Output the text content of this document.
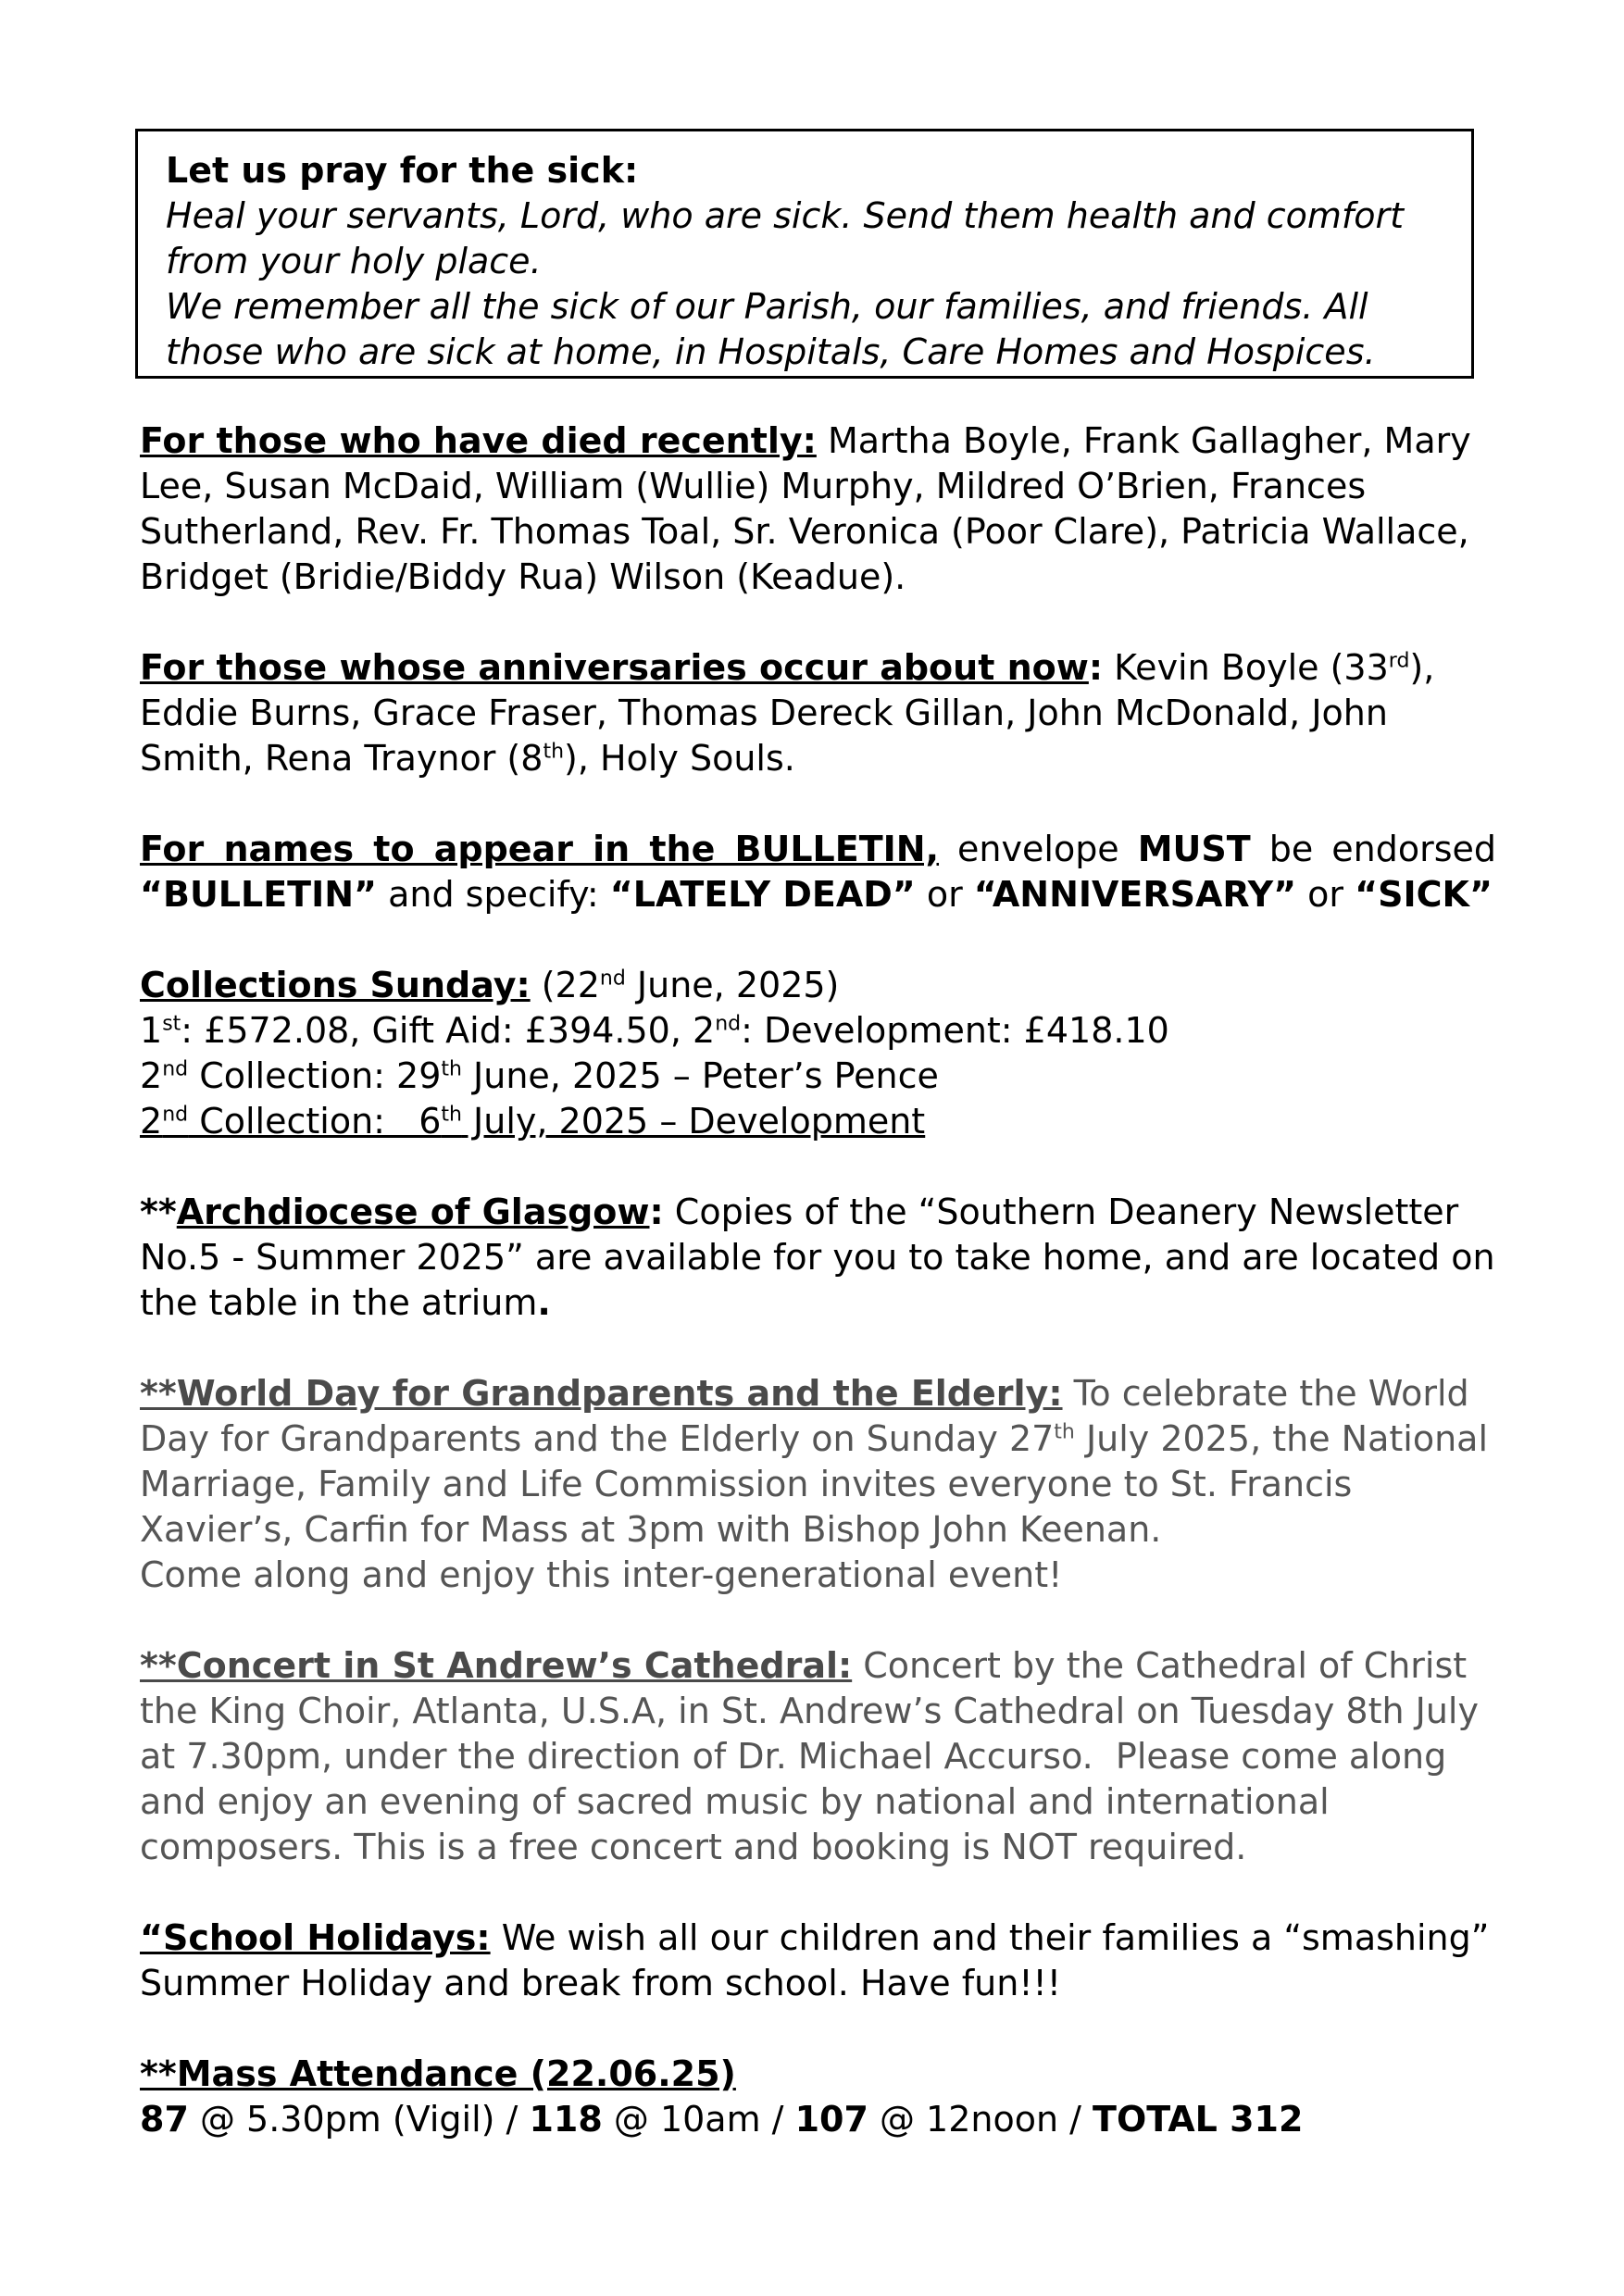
Let us pray for the sick:

Heal your servants, Lord, who are sick. Send them health and comfort from your holy place.

We remember all the sick of our Parish, our families, and friends. All those who are sick at home, in Hospitals, Care Homes and Hospices.

For those who have died recently: Martha Boyle, Frank Gallagher, Mary Lee, Susan McDaid, William (Wullie) Murphy, Mildred O’Brien, Frances Sutherland, Rev. Fr. Thomas Toal, Sr. Veronica (Poor Clare), Patricia Wallace, Bridget (Bridie/Biddy Rua) Wilson (Keadue).

For those whose anniversaries occur about now: Kevin Boyle (33rd), Eddie Burns, Grace Fraser, Thomas Dereck Gillan, John McDonald, John Smith, Rena Traynor (8th), Holy Souls.

For names to appear in the BULLETIN, envelope MUST be endorsed “BULLETIN” and specify: “LATELY DEAD” or “ANNIVERSARY” or “SICK”

Collections Sunday: (22nd June, 2025)
1st: £572.08, Gift Aid: £394.50, 2nd: Development: £418.10
2nd Collection: 29th June, 2025 – Peter’s Pence
2nd Collection:   6th July, 2025 – Development

**Archdiocese of Glasgow: Copies of the “Southern Deanery Newsletter No.5 - Summer 2025” are available for you to take home, and are located on the table in the atrium.

**World Day for Grandparents and the Elderly: To celebrate the World Day for Grandparents and the Elderly on Sunday 27th July 2025, the National Marriage, Family and Life Commission invites everyone to St. Francis Xavier’s, Carfin for Mass at 3pm with Bishop John Keenan.
Come along and enjoy this inter-generational event!

**Concert in St Andrew’s Cathedral: Concert by the Cathedral of Christ the King Choir, Atlanta, U.S.A, in St. Andrew’s Cathedral on Tuesday 8th July at 7.30pm, under the direction of Dr. Michael Accurso.  Please come along and enjoy an evening of sacred music by national and international composers. This is a free concert and booking is NOT required.

“School Holidays: We wish all our children and their families a “smashing” Summer Holiday and break from school. Have fun!!!

**Mass Attendance (22.06.25)
87 @ 5.30pm (Vigil) / 118 @ 10am / 107 @ 12noon / TOTAL 312
